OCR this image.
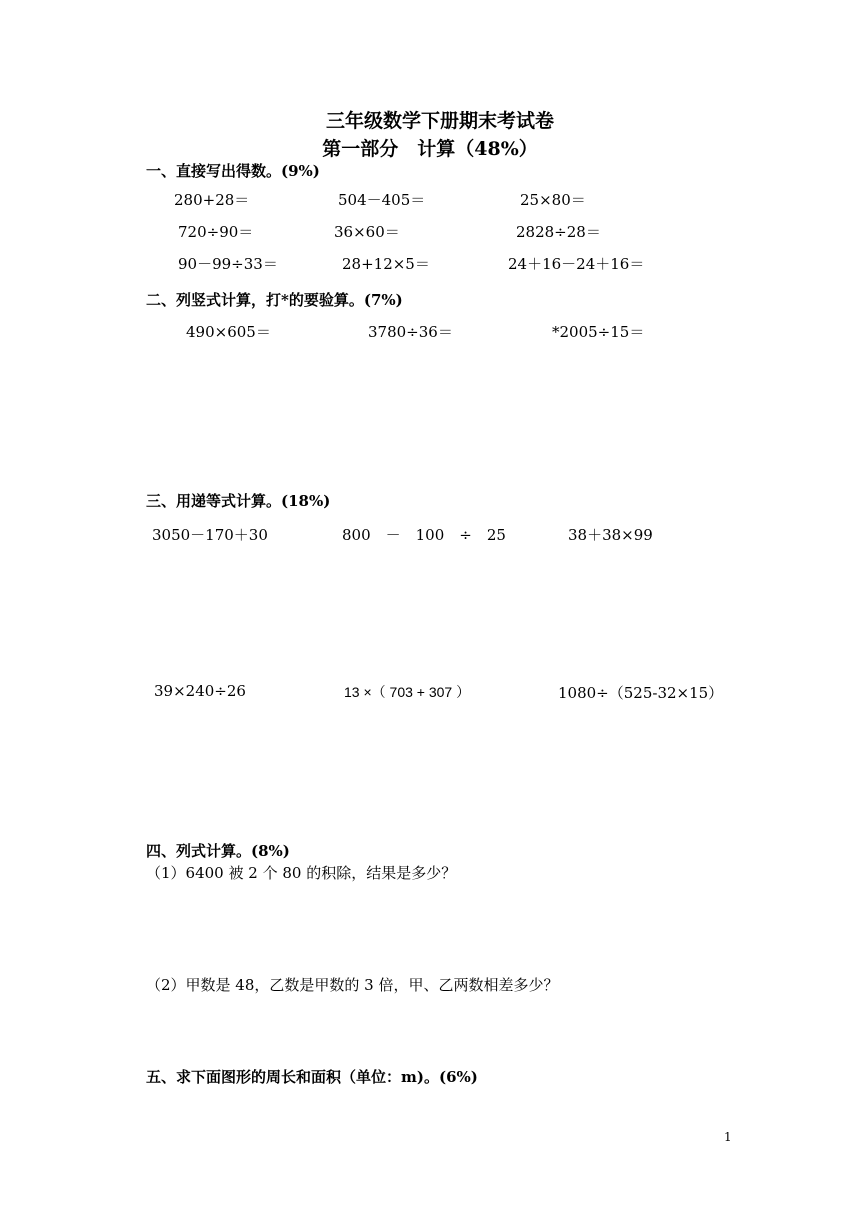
三年级数学下册期末考试卷
第一部分　计算（48%）
一、直接写出得数。(9%)
280+28＝	504－405＝	25×80＝
720÷90＝	36×60＝	2828÷28＝
90－99÷33＝	28+12×5＝	24＋16－24＋16＝
二、列竖式计算，打*的要验算。(7%)
490×605＝	3780÷36＝	*2005÷15＝
三、用递等式计算。(18%)
3050－170＋30	800　－　100　÷　25	38＋38×99
39×240÷26	13 ×（ 703 + 307 ）	1080÷（525-32×15）
四、列式计算。(8%)
（1）6400 被 2 个 80 的积除，结果是多少？
（2）甲数是 48，乙数是甲数的 3 倍，甲、乙两数相差多少？
五、求下面图形的周长和面积（单位：m)。(6%)
1
